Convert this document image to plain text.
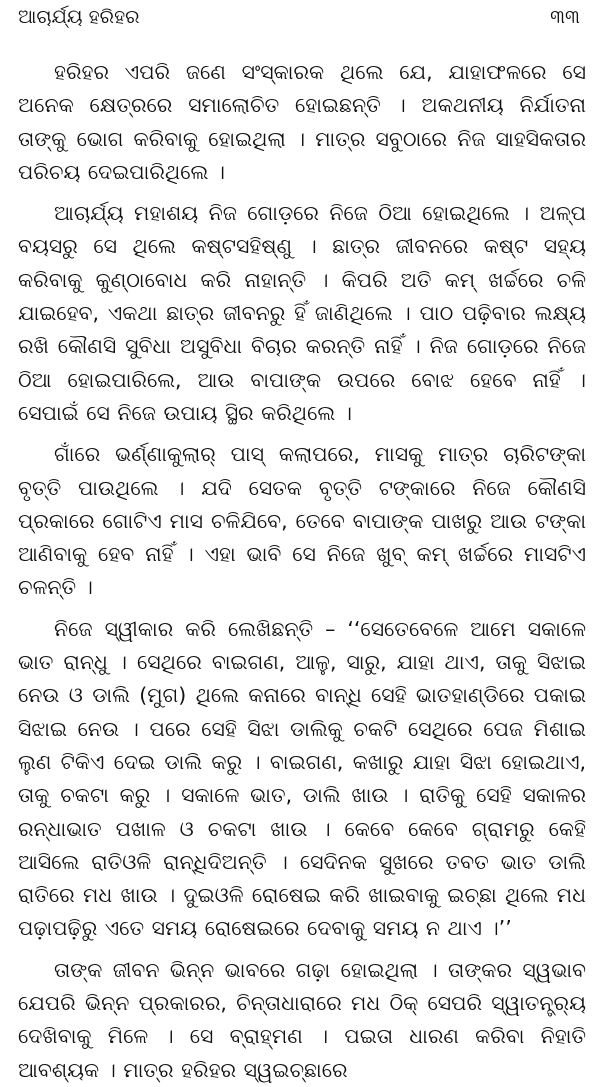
ଆଚାର୍ଯ୍ୟ ହରିହର	୩୩

ହରିହର ଏପରି ଜଣେ ସଂସ୍କାରକ ଥିଲେ ଯେ, ଯାହାଫଳରେ ସେ ଅନେକ କ୍ଷେତ୍ରରେ ସମାଲୋଚିତ ହୋଇଛନ୍ତି । ଅକଥନୀୟ ନିର୍ଯାତନା ତାଙ୍କୁ ଭୋଗ କରିବାକୁ ହୋଇଥିଲା । ମାତ୍ର ସବୁଠାରେ ନିଜ ସାହସିକତାର ପରିଚୟ ଦେଇପାରିଥିଲେ ।

ଆଚାର୍ଯ୍ୟ ମହାଶୟ ନିଜ ଗୋଡ଼ରେ ନିଜେ ଠିଆ ହୋଇଥିଲେ । ଅଳ୍ପ ବୟସରୁ ସେ ଥିଲେ କଷ୍ଟସହିଷ୍ଣୁ । ଛାତ୍ର ଜୀବନରେ କଷ୍ଟ ସହ୍ୟ କରିବାକୁ କୁଣ୍ଠାବୋଧ କରି ନାହାନ୍ତି । କିପରି ଅତି କମ୍ ଖର୍ଚ୍ଚରେ ଚଳି ଯାଇହେବ, ଏକଥା ଛାତ୍ର ଜୀବନରୁ ହିଁ ଜାଣିଥିଲେ । ପାଠ ପଢ଼ିବାର ଲକ୍ଷ୍ୟ ରଖି କୌଣସି ସୁବିଧା ଅସୁବିଧା ବିଚାର କରନ୍ତି ନାହିଁ । ନିଜ ଗୋଡ଼ରେ ନିଜେ ଠିଆ ହୋଇପାରିଲେ, ଆଉ ବାପାଙ୍କ ଉପରେ ବୋଝ ହେବେ ନାହିଁ । ସେପାଇଁ ସେ ନିଜେ ଉପାୟ ସ୍ଥିର କରିଥିଲେ ।

ଗାଁରେ ଭର୍ଣ୍ଣାକୁଲାର୍ ପାସ୍ କଲାପରେ, ମାସକୁ ମାତ୍ର ଚାରିଟଙ୍କା ବୃତ୍ତି ପାଉଥିଲେ । ଯଦି ସେତକ ବୃତ୍ତି ଟଙ୍କାରେ ନିଜେ କୌଣସି ପ୍ରକାରେ ଗୋଟିଏ ମାସ ଚଳିଯିବେ, ତେବେ ବାପାଙ୍କ ପାଖରୁ ଆଉ ଟଙ୍କା ଆଣିବାକୁ ହେବ ନାହିଁ । ଏହା ଭାବି ସେ ନିଜେ ଖୁବ୍ କମ୍ ଖର୍ଚ୍ଚରେ ମାସଟିଏ ଚଳନ୍ତି ।

ନିଜେ ସ୍ୱୀକାର କରି ଲେଖିଛନ୍ତି – ‘‘ସେତେବେଳେ ଆମେ ସକାଳେ ଭାତ ରାନ୍ଧୁ । ସେଥିରେ ବାଇଗଣ, ଆଳୁ, ସାରୁ, ଯାହା ଥାଏ, ତାକୁ ସିଝାଇ ନେଉ ଓ ଡାଲି (ମୁଗ) ଥିଲେ କନାରେ ବାନ୍ଧି ସେହି ଭାତହାଣ୍ଡିରେ ପକାଇ ସିଝାଇ ନେଉ । ପରେ ସେହି ସିଝା ଡାଲିକୁ ଚକଟି ସେଥିରେ ପେଜ ମିଶାଇ ଲୁଣ ଟିକିଏ ଦେଇ ଡାଲି କରୁ । ବାଇଗଣ, କଖାରୁ ଯାହା ସିଝା ହୋଇଥାଏ, ତାକୁ ଚକଟା କରୁ । ସକାଳେ ଭାତ, ଡାଲି ଖାଉ । ରାତିକୁ ସେହି ସକାଳର ରନ୍ଧାଭାତ ପଖାଳ ଓ ଚକଟା ଖାଉ । କେବେ କେବେ ଗ୍ରାମରୁ କେହି ଆସିଲେ ରାତିଓଳି ରାନ୍ଧିଦିଅନ୍ତି । ସେଦିନକ ସୁଖରେ ତବତ ଭାତ ଡାଲି ରାତିରେ ମଧ ଖାଉ । ଦୁଇଓଳି ରୋଷେଇ କରି ଖାଇବାକୁ ଇଚ୍ଛା ଥିଲେ ମଧ ପଢ଼ାପଢ଼ିରୁ ଏତେ ସମୟ ରୋଷେଇରେ ଦେବାକୁ ସମୟ ନ ଥାଏ ।’’

ତାଙ୍କ ଜୀବନ ଭିନ୍ନ ଭାବରେ ଗଢ଼ା ହୋଇଥିଲା । ତାଙ୍କର ସ୍ୱଭାବ ଯେପରି ଭିନ୍ନ ପ୍ରକାରର, ଚିନ୍ତାଧାରାରେ ମଧ ଠିକ୍ ସେପରି ସ୍ୱାତନ୍ତ୍ର୍ୟ ଦେଖିବାକୁ ମିଳେ । ସେ ବ୍ରାହ୍ମଣ । ପଇତା ଧାରଣ କରିବା ନିହାତି ଆବଶ୍ୟକ । ମାତ୍ର ହରିହର ସ୍ୱଇଚ୍ଛାରେ
